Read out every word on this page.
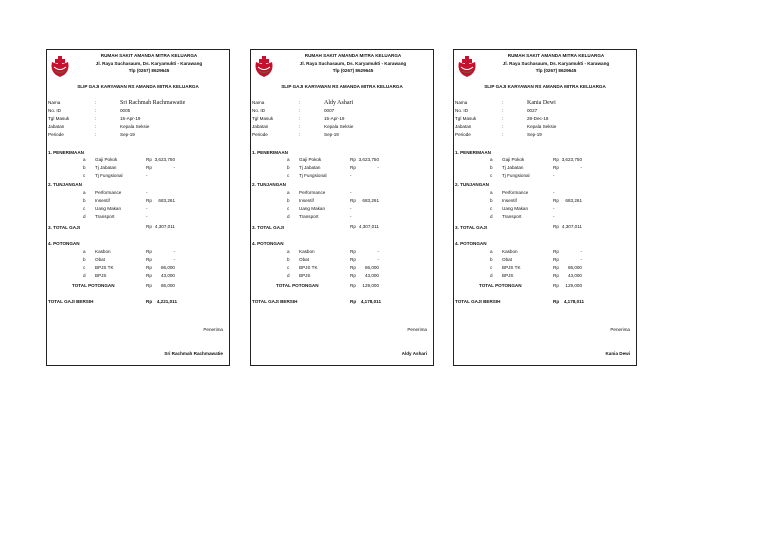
RUMAH SAKIT AMANDA MITRA KELUARGA
Jl. Raya Suchasaum, Ds. Karyamukti - Karawang
Tlp (0267) 8629645
SLIP GAJI KARYAWAN RS AMANDA MITRA KELUARGA
Nama	:	Sri Rachmah Rachmawatie
No. ID	:	0005
Tgl Masuk	:	15-Apr-19
Jabatan	:	Kepala Seksie
Periode	:	Sep-19
1. PENERIMAAN
a Gaji Pokok	Rp 3,623,750
b Tj Jabatan	Rp	-
c Tj Fungsional	-
2. TUNJANGAN
a Performance	-
b Insentif	Rp	683,261
c Uang Makan	-
d Transport	-
3. TOTAL GAJI	Rp 4,307,011
4. POTONGAN
a Kasbon	Rp	-
b Obat	Rp	-
c BPJS TK	Rp	86,000
d BPJS	Rp	43,000
TOTAL POTONGAN	Rp	86,000
TOTAL GAJI BERSIH	Rp	4,221,011
Penerima
Sri Rachmah Rachmawatie
RUMAH SAKIT AMANDA MITRA KELUARGA
Jl. Raya Suchasaum, Ds. Karyamukti - Karawang
Tlp (0267) 8629645
SLIP GAJI KARYAWAN RS AMANDA MITRA KELUARGA
Nama	:	Aldy Ashari
No. ID	:	0007
Tgl Masuk	:	15-Apr-19
Jabatan	:	Kepala Seksie
Periode	:	Sep-19
1. PENERIMAAN
a Gaji Pokok	Rp 3,623,750
b Tj Jabatan	Rp	-
c Tj Fungsional	-
2. TUNJANGAN
a Performance	-
b Insentif	Rp	683,261
c Uang Makan	-
d Transport	-
3. TOTAL GAJI	Rp 4,307,011
4. POTONGAN
a Kasbon	Rp	-
b Obat	Rp	-
c BPJS TK	Rp	86,000
d BPJS	Rp	43,000
TOTAL POTONGAN	Rp	129,000
TOTAL GAJI BERSIH	Rp	4,178,011
Penerima
Aldy Ashari
RUMAH SAKIT AMANDA MITRA KELUARGA
Jl. Raya Suchasaum, Ds. Karyamukti - Karawang
Tlp (0267) 8629645
SLIP GAJI KARYAWAN RS AMANDA MITRA KELUARGA
Nama	:	Kania Dewi
No. ID	:	0027
Tgl Masuk	:	28-Dec-18
Jabatan	:	Kepala Seksie
Periode	:	Sep-19
1. PENERIMAAN
a Gaji Pokok	Rp 3,623,750
b Tj Jabatan	Rp	-
c Tj Fungsional	-
2. TUNJANGAN
a Performance	-
b Insentif	Rp	683,261
c Uang Makan	-
d Transport	-
3. TOTAL GAJI	Rp 4,307,011
4. POTONGAN
a Kasbon	Rp	-
b Obat	Rp	-
c BPJS TK	Rp	86,000
d BPJS	Rp	43,000
TOTAL POTONGAN	Rp	129,000
TOTAL GAJI BERSIH	Rp	4,178,011
Penerima
Kania Dewi
